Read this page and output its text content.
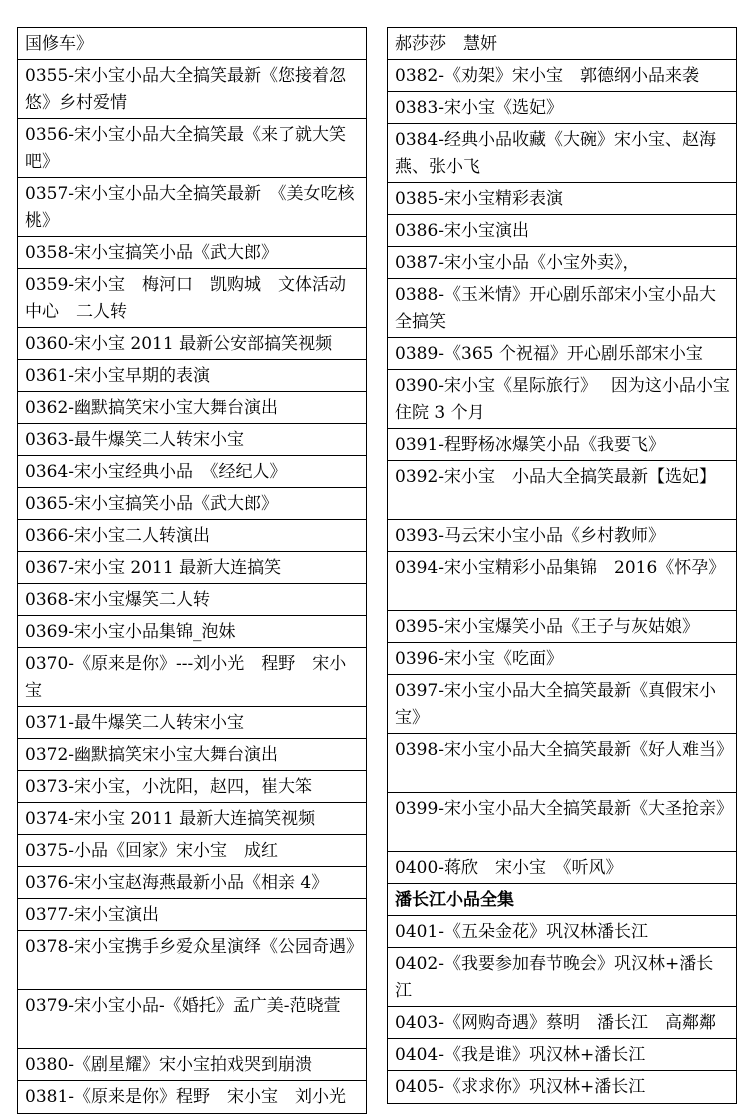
国修车》
0355-宋小宝小品大全搞笑最新《您接着忽悠》乡村爱情
0356-宋小宝小品大全搞笑最《来了就大笑吧》
0357-宋小宝小品大全搞笑最新　《美女吃核桃》
0358-宋小宝搞笑小品《武大郎》
0359-宋小宝　梅河口　凯购城　文体活动中心　二人转
0360-宋小宝 2011 最新公安部搞笑视频
0361-宋小宝早期的表演
0362-幽默搞笑宋小宝大舞台演出
0363-最牛爆笑二人转宋小宝
0364-宋小宝经典小品　《经纪人》
0365-宋小宝搞笑小品《武大郎》
0366-宋小宝二人转演出
0367-宋小宝 2011 最新大连搞笑
0368-宋小宝爆笑二人转
0369-宋小宝小品集锦_泡妹
0370-《原来是你》---刘小光　程野　宋小宝
0371-最牛爆笑二人转宋小宝
0372-幽默搞笑宋小宝大舞台演出
0373-宋小宝，小沈阳，赵四，崔大笨
0374-宋小宝 2011 最新大连搞笑视频
0375-小品《回家》宋小宝　成红
0376-宋小宝赵海燕最新小品《相亲 4》
0377-宋小宝演出
0378-宋小宝携手乡爱众星演绎《公园奇遇》
0379-宋小宝小品-《婚托》孟广美-范晓萱
0380-《剧星耀》宋小宝拍戏哭到崩溃
0381-《原来是你》程野　宋小宝　刘小光
郝莎莎　慧妍
0382-《劝架》宋小宝　郭德纲小品来袭
0383-宋小宝《选妃》
0384-经典小品收藏《大碗》宋小宝、赵海燕、张小飞
0385-宋小宝精彩表演
0386-宋小宝演出
0387-宋小宝小品《小宝外卖》，
0388-《玉米情》开心剧乐部宋小宝小品大全搞笑
0389-《365 个祝福》开心剧乐部宋小宝
0390-宋小宝《星际旅行》　 因为这小品小宝住院 3 个月
0391-程野杨冰爆笑小品《我要飞》
0392-宋小宝　小品大全搞笑最新【选妃】
0393-马云宋小宝小品《乡村教师》
0394-宋小宝精彩小品集锦　2016《怀孕》
0395-宋小宝爆笑小品《王子与灰姑娘》
0396-宋小宝《吃面》
0397-宋小宝小品大全搞笑最新《真假宋小宝》
0398-宋小宝小品大全搞笑最新《好人难当》
0399-宋小宝小品大全搞笑最新《大圣抢亲》
0400-蒋欣　宋小宝　《听风》
潘长江小品全集
0401-《五朵金花》巩汉林潘长江
0402-《我要参加春节晚会》巩汉林+潘长江
0403-《网购奇遇》蔡明　潘长江　高鄰鄰
0404-《我是谁》巩汉林+潘长江
0405-《求求你》巩汉林+潘长江
